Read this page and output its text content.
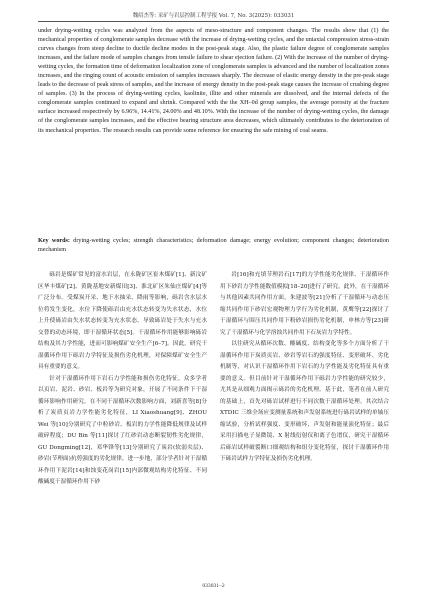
魏绍杰等: 采矿与岩层控制工程学报 Vol. 7, No. 3(2025): 033031

under drying-wetting cycles was analyzed from the aspects of meso-structure and component changes. The results show that (1) the mechanical properties of conglomerate samples decrease with the increase of drying-wetting cycles, and the uniaxial compression stress-strain curves changes from steep decline to ductile decline modes in the post-peak stage. Also, the plastic failure degree of conglomerate samples increases, and the failure mode of samples changes from tensile failure to shear ejection failure. (2) With the increase of the number of drying-wetting cycles, the formation time of deformation localization zone of conglomerate samples is advanced and the number of localization zones increases, and the ringing count of acoustic emission of samples increases sharply. The decrease of elastic energy density in the pre-peak stage leads to the decrease of peak stress of samples, and the increase of energy density in the post-peak stage causes the increase of crushing degree of samples. (3) In the process of drying-wetting cycles, kaolinite, illite and other minerals are dissolved, and the internal defects of the conglomerate samples continued to expand and shrink. Compared with the the XH–0d group samples, the average porosity at the fracture surface increased respectively by 6.96%, 14.41%, 24.00% and 48.10%. With the increase of the number of drying-wetting cycles, the damage of the conglomerate samples increases, and the effective bearing structure area decreases, which ultimately contributes to the deterioration of its mechanical properties. The research results can provide some reference for ensuring the safe mining of coal seams.

Key words: drying-wetting cycles; strength characteristics; deformation damage; energy evolution; component changes; deterioration mechanism

砾岩是煤矿常见的富水岩层，在永陇矿区崔木煤矿[1]、新汶矿区华丰煤矿[2]、黄陇基地安新煤田[3]、淮北矿区朱仙庄煤矿[4]等广泛分布。受煤炭开采、地下水抽采、降雨等影响，砾岩含水层水位将发生变化，水位下降使砾岩由充水状态转变为失水状态，水位上升使砾岩由失水状态转变为充水状态，导致砾岩处于失水与充水交替的动态环境，即干湿循环状态[5]。干湿循环作用能够影响砾岩结构及其力学性能，进而可影响煤矿安全生产[6–7]。因此，研究干湿循环作用下砾岩力学特征及损伤劣化机理，对保障煤矿安全生产具有重要的意义。

针对干湿循环作用下岩石力学性能和损伤劣化特征，众多学者以页岩、泥岩、砂岩、板岩等为研究对象，开展了不同条件下干湿循环影响作用研究。在不同干湿循环次数影响方面，刘新喜等[8]分析了炭质页岩力学性能劣化特征，LI Xiaoshuang[9]、ZHOU Wei 等[10]分别研究了中粒砂岩、板岩的力学性能降低规律及试样破碎程度；DU Bin 等[11]探讨了红砂岩动态断裂韧性劣化规律，GU Dongming[12]、邓华锋等[13]分别研究了炭岩(软弱夹层)、砂岩(节理面)抗剪强度的劣化规律。进一步地，部分学者针对干湿循环作用下泥岩[14]和蚀变花岗岩[15]内部微观结构劣化特征、不同酸碱度干湿循环作用下砂

岩[16]和充填节理岩石[17]的力学性能劣化规律、干湿循环作用下砂岩力学性能数值模拟[18–20]进行了研究。此外，在干湿循环与其他因素共同作用方面，朱建波等[21]分析了干湿循环与动态压缩共同作用下砂岩宏观物理力学行为劣化机制，黄鹰等[22]探讨了干湿循环与围压共同作用下粉砂岩损伤劣化机制，申林方等[23]研究了干湿循环与化学溶蚀共同作用下石灰岩力学特性。

以往研究从循环次数、酸碱度、结构变化等多个方面分析了干湿循环作用下炭质页岩、砂岩等岩石的强度特征、变形破坏、劣化机制等，对认识干湿循环作用下岩石的力学性能及劣化特征具有重要的意义。但目前针对干湿循环作用下砾岩力学性能的研究较少，尤其是从细观力面揭示砾岩的劣化机理。基于此，笔者在前人研究的基础上，首先对砾岩试样进行不同次数干湿循环处理。其次结合XTDIC 三维全场应变测量系统和声发射系统进行砾岩试样的单轴压缩试验，分析试样强度、变形破坏、声发射和能量演化特征；最后采用扫描电子显微镜、X 射线衍射仪和离子色谱仪，研究干湿循环后砾岩试样破裂断口细观结构和组分变化特征，探讨干湿循环作用下砾岩试样力学特征及损伤劣化机理。

033031–2
